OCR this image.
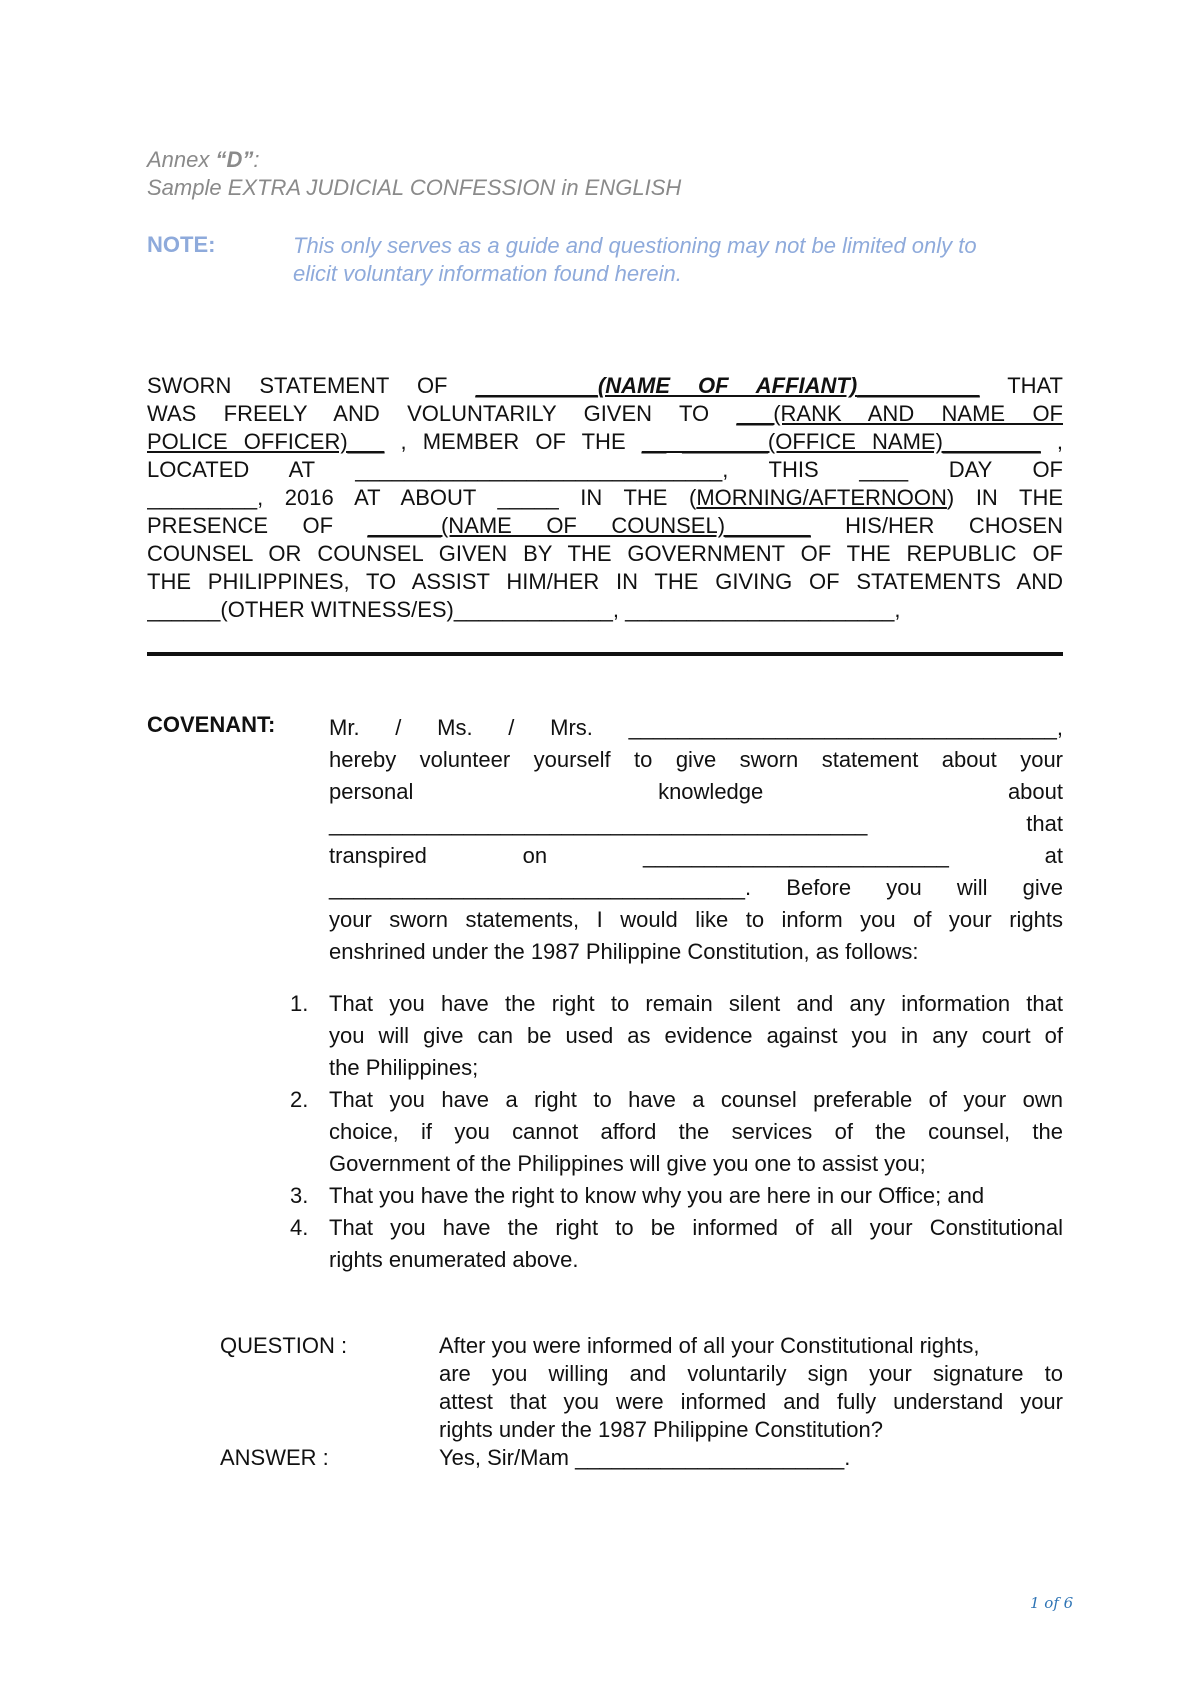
Annex “D”:
Sample EXTRA JUDICIAL CONFESSION in ENGLISH
NOTE:	This only serves as a guide and questioning may not be limited only to
elicit voluntary information found herein.
SWORN STATEMENT OF __________(NAME OF AFFIANT)__________ THAT
WAS FREELY AND VOLUNTARILY GIVEN TO ___(RANK AND NAME OF
POLICE OFFICER)___ , MEMBER OF THE __ _______(OFFICE NAME)________ ,
LOCATED AT ______________________________, THIS ____ DAY OF
_________, 2016 AT ABOUT _____ IN THE (MORNING/AFTERNOON) IN THE
PRESENCE OF ______(NAME OF COUNSEL)_______ HIS/HER CHOSEN
COUNSEL OR COUNSEL GIVEN BY THE GOVERNMENT OF THE REPUBLIC OF
THE PHILIPPINES, TO ASSIST HIM/HER IN THE GIVING OF STATEMENTS AND
______(OTHER WITNESS/ES)_____________, ______________________,
COVENANT: Mr. / Ms. / Mrs. ___________________________________,
hereby volunteer yourself to give sworn statement about your
personal knowledge about
____________________________________________ that
transpired on _________________________ at
__________________________________. Before you will give
your sworn statements, I would like to inform you of your rights
enshrined under the 1987 Philippine Constitution, as follows:
1. That you have the right to remain silent and any information that
you will give can be used as evidence against you in any court of
the Philippines;
2. That you have a right to have a counsel preferable of your own
choice, if you cannot afford the services of the counsel, the
Government of the Philippines will give you one to assist you;
3. That you have the right to know why you are here in our Office; and
4. That you have the right to be informed of all your Constitutional
rights enumerated above.
QUESTION :	After you were informed of all your Constitutional rights,
are you willing and voluntarily sign your signature to
attest that you were informed and fully understand your
rights under the 1987 Philippine Constitution?
ANSWER :	Yes, Sir/Mam ______________________.
1 of 6
